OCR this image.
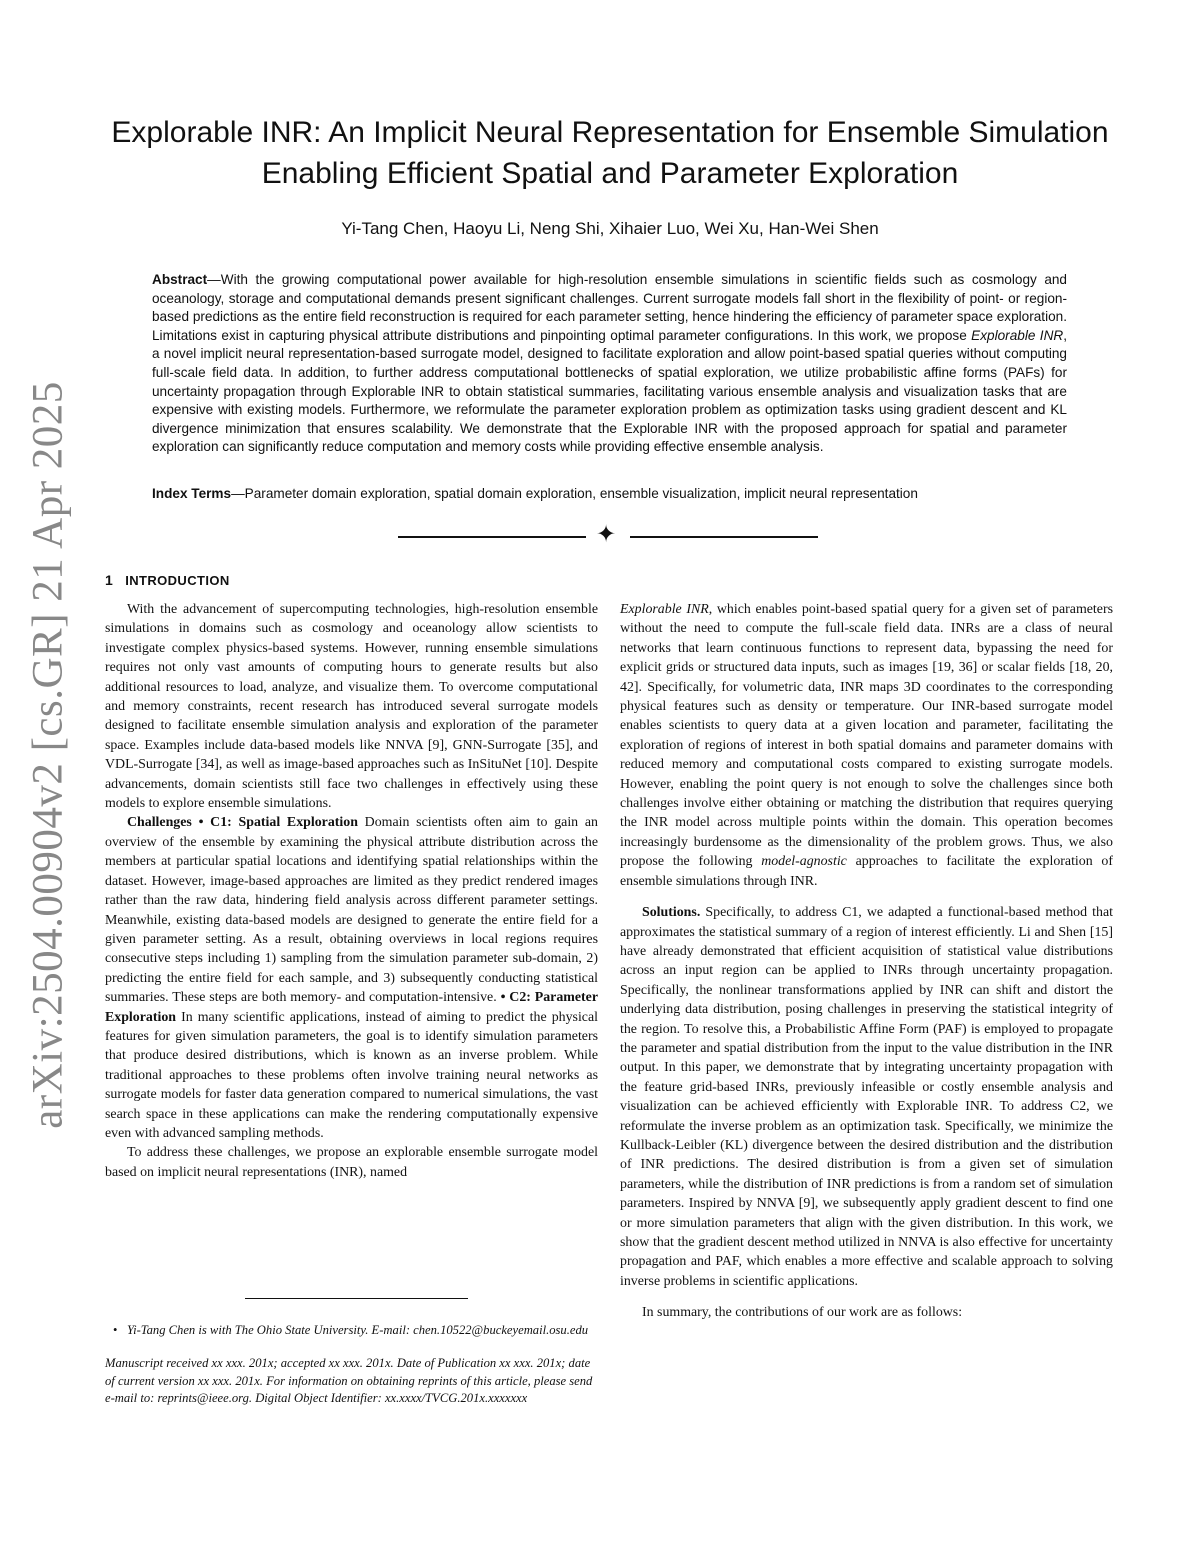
arXiv:2504.00904v2 [cs.GR] 21 Apr 2025
Explorable INR: An Implicit Neural Representation for Ensemble Simulation Enabling Efficient Spatial and Parameter Exploration
Yi-Tang Chen, Haoyu Li, Neng Shi, Xihaier Luo, Wei Xu, Han-Wei Shen

Abstract—With the growing computational power available for high-resolution ensemble simulations in scientific fields such as cosmology and oceanology, storage and computational demands present significant challenges. Current surrogate models fall short in the flexibility of point- or region-based predictions as the entire field reconstruction is required for each parameter setting, hence hindering the efficiency of parameter space exploration. Limitations exist in capturing physical attribute distributions and pinpointing optimal parameter configurations. In this work, we propose Explorable INR, a novel implicit neural representation-based surrogate model, designed to facilitate exploration and allow point-based spatial queries without computing full-scale field data. In addition, to further address computational bottlenecks of spatial exploration, we utilize probabilistic affine forms (PAFs) for uncertainty propagation through Explorable INR to obtain statistical summaries, facilitating various ensemble analysis and visualization tasks that are expensive with existing models. Furthermore, we reformulate the parameter exploration problem as optimization tasks using gradient descent and KL divergence minimization that ensures scalability. We demonstrate that the Explorable INR with the proposed approach for spatial and parameter exploration can significantly reduce computation and memory costs while providing effective ensemble analysis.

Index Terms—Parameter domain exploration, spatial domain exploration, ensemble visualization, implicit neural representation

✦
1 INTRODUCTION

With the advancement of supercomputing technologies, high-resolution ensemble simulations in domains such as cosmology and oceanology allow scientists to investigate complex physics-based systems. However, running ensemble simulations requires not only vast amounts of computing hours to generate results but also additional resources to load, analyze, and visualize them. To overcome computational and memory constraints, recent research has introduced several surrogate models designed to facilitate ensemble simulation analysis and exploration of the parameter space. Examples include data-based models like NNVA [9], GNN-Surrogate [35], and VDL-Surrogate [34], as well as image-based approaches such as InSituNet [10]. Despite advancements, domain scientists still face two challenges in effectively using these models to explore ensemble simulations.

Challenges • C1: Spatial Exploration Domain scientists often aim to gain an overview of the ensemble by examining the physical attribute distribution across the members at particular spatial locations and identifying spatial relationships within the dataset. However, image-based approaches are limited as they predict rendered images rather than the raw data, hindering field analysis across different parameter settings. Meanwhile, existing data-based models are designed to generate the entire field for a given parameter setting. As a result, obtaining overviews in local regions requires consecutive steps including 1) sampling from the simulation parameter sub-domain, 2) predicting the entire field for each sample, and 3) subsequently conducting statistical summaries. These steps are both memory- and computation-intensive. • C2: Parameter Exploration In many scientific applications, instead of aiming to predict the physical features for given simulation parameters, the goal is to identify simulation parameters that produce desired distributions, which is known as an inverse problem. While traditional approaches to these problems often involve training neural networks as surrogate models for faster data generation compared to numerical simulations, the vast search space in these applications can make the rendering computationally expensive even with advanced sampling methods.

To address these challenges, we propose an explorable ensemble surrogate model based on implicit neural representations (INR), named

• Yi-Tang Chen is with The Ohio State University. E-mail: chen.10522@buckeyemail.osu.edu

Manuscript received xx xxx. 201x; accepted xx xxx. 201x. Date of Publication xx xxx. 201x; date of current version xx xxx. 201x. For information on obtaining reprints of this article, please send e-mail to: reprints@ieee.org. Digital Object Identifier: xx.xxxx/TVCG.201x.xxxxxxx

Explorable INR, which enables point-based spatial query for a given set of parameters without the need to compute the full-scale field data. INRs are a class of neural networks that learn continuous functions to represent data, bypassing the need for explicit grids or structured data inputs, such as images [19, 36] or scalar fields [18, 20, 42]. Specifically, for volumetric data, INR maps 3D coordinates to the corresponding physical features such as density or temperature. Our INR-based surrogate model enables scientists to query data at a given location and parameter, facilitating the exploration of regions of interest in both spatial domains and parameter domains with reduced memory and computational costs compared to existing surrogate models. However, enabling the point query is not enough to solve the challenges since both challenges involve either obtaining or matching the distribution that requires querying the INR model across multiple points within the domain. This operation becomes increasingly burdensome as the dimensionality of the problem grows. Thus, we also propose the following model-agnostic approaches to facilitate the exploration of ensemble simulations through INR.

Solutions. Specifically, to address C1, we adapted a functional-based method that approximates the statistical summary of a region of interest efficiently. Li and Shen [15] have already demonstrated that efficient acquisition of statistical value distributions across an input region can be applied to INRs through uncertainty propagation. Specifically, the nonlinear transformations applied by INR can shift and distort the underlying data distribution, posing challenges in preserving the statistical integrity of the region. To resolve this, a Probabilistic Affine Form (PAF) is employed to propagate the parameter and spatial distribution from the input to the value distribution in the INR output. In this paper, we demonstrate that by integrating uncertainty propagation with the feature grid-based INRs, previously infeasible or costly ensemble analysis and visualization can be achieved efficiently with Explorable INR. To address C2, we reformulate the inverse problem as an optimization task. Specifically, we minimize the Kullback-Leibler (KL) divergence between the desired distribution and the distribution of INR predictions. The desired distribution is from a given set of simulation parameters, while the distribution of INR predictions is from a random set of simulation parameters. Inspired by NNVA [9], we subsequently apply gradient descent to find one or more simulation parameters that align with the given distribution. In this work, we show that the gradient descent method utilized in NNVA is also effective for uncertainty propagation and PAF, which enables a more effective and scalable approach to solving inverse problems in scientific applications.

In summary, the contributions of our work are as follows:
